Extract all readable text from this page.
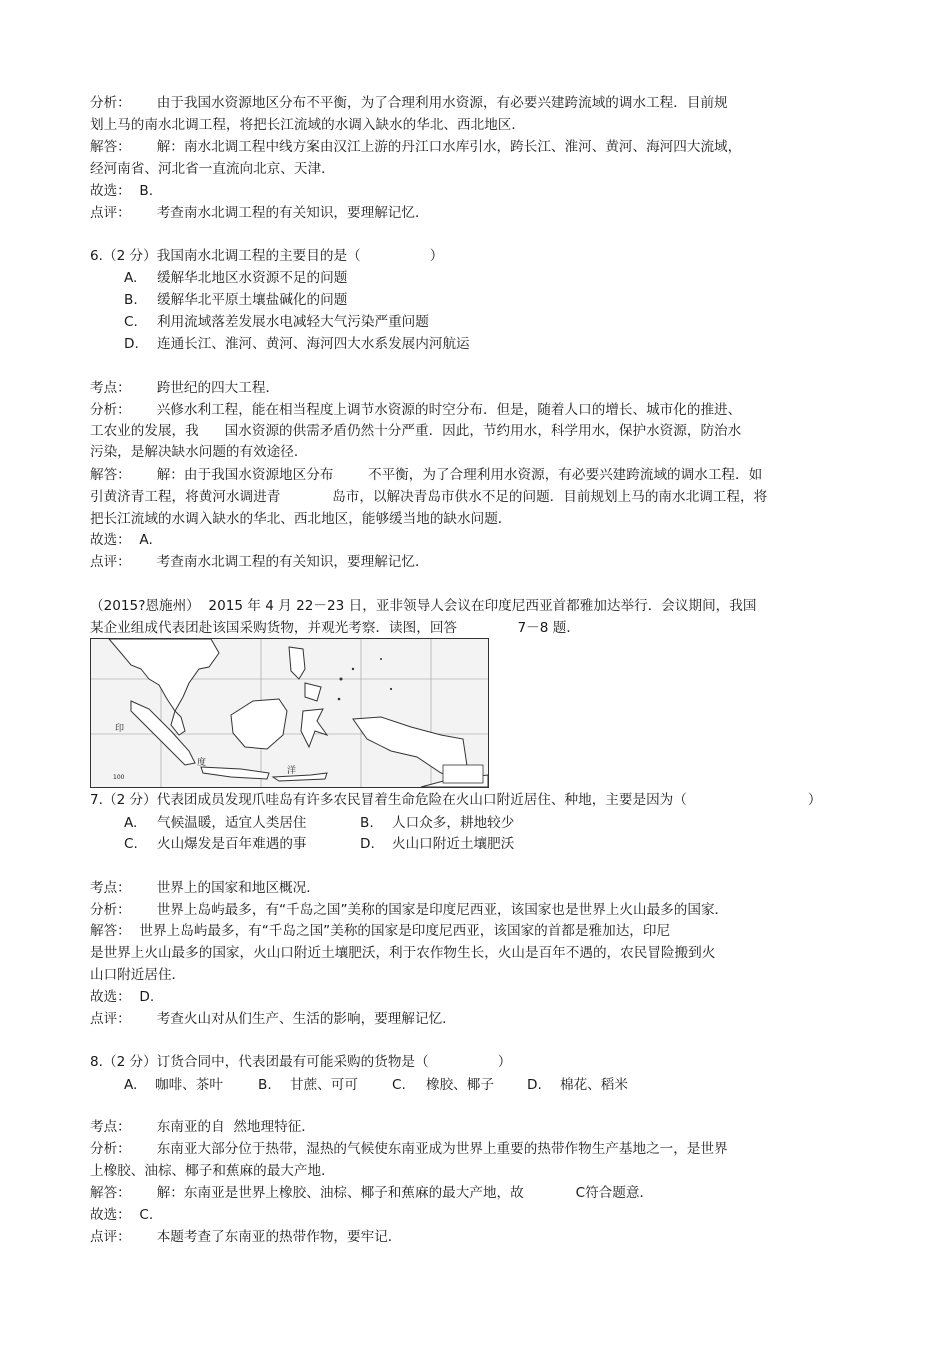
分析：      由于我国水资源地区分布不平衡，为了合理利用水资源，有必要兴建跨流域的调水工程．目前规
划上马的南水北调工程，将把长江流域的水调入缺水的华北、西北地区．
解答：      解：南水北调工程中线方案由汉江上游的丹江口水库引水，跨长江、淮河、黄河、海河四大流域，
经河南省、河北省一直流向北京、天津．
故选：  B.
点评：      考查南水北调工程的有关知识，要理解记忆．
6.（2 分）我国南水北调工程的主要目的是（                ）
A. 缓解华北地区水资源不足的问题
B. 缓解华北平原土壤盐碱化的问题
C. 利用流域落差发展水电减轻大气污染严重问题
D. 连通长江、淮河、黄河、海河四大水系发展内河航运
考点：      跨世纪的四大工程．
分析：      兴修水利工程，能在相当程度上调节水资源的时空分布．但是，随着人口的增长、城市化的推进、
工农业的发展，我      国水资源的供需矛盾仍然十分严重．因此，节约用水，科学用水，保护水资源，防治水
污染，是解决缺水问题的有效途径．
解答：      解：由于我国水资源地区分布        不平衡，为了合理利用水资源，有必要兴建跨流域的调水工程．如
引黄济青工程，将黄河水调进青            岛市，以解决青岛市供水不足的问题．目前规划上马的南水北调工程，将
把长江流域的水调入缺水的华北、西北地区，能够缓当地的缺水问题．
故选：  A.
点评：      考查南水北调工程的有关知识，要理解记忆．
（2015?恩施州）  2015 年 4 月 22－23 日，亚非领导人会议在印度尼西亚首都雅加达举行．会议期间，我国
某企业组成代表团赴该国采购货物，并观光考察．读图，回答              7－8 题．
印
度
洋
100
7.（2 分）代表团成员发现爪哇岛有许多农民冒着生命危险在火山口附近居住、种地，主要是因为（                            ）
A. 气候温暖，适宜人类居住	B. 人口众多，耕地较少
C. 火山爆发是百年难遇的事	D. 火山口附近土壤肥沃
考点：      世界上的国家和地区概况．
分析：      世界上岛屿最多，有“千岛之国”美称的国家是印度尼西亚，该国家也是世界上火山最多的国家．
解答：  世界上岛屿最多，有“千岛之国”美称的国家是印度尼西亚，该国家的首都是雅加达，印尼
是世界上火山最多的国家，火山口附近土壤肥沃，利于农作物生长，火山是百年不遇的，农民冒险搬到火
山口附近居住．
故选：  D.
点评：      考查火山对从们生产、生活的影响，要理解记忆．
8.（2 分）订货合同中，代表团最有可能采购的货物是（                ）
A. 咖啡、茶叶	B. 甘蔗、可可	C. 橡胶、椰子 D. 棉花、稻米
考点：      东南亚的自  然地理特征．
分析：      东南亚大部分位于热带，湿热的气候使东南亚成为世界上重要的热带作物生产基地之一，是世界
上橡胶、油棕、椰子和蕉麻的最大产地．
解答：      解：东南亚是世界上橡胶、油棕、椰子和蕉麻的最大产地，故            C符合题意．
故选：  C.
点评：      本题考查了东南亚的热带作物，要牢记．
